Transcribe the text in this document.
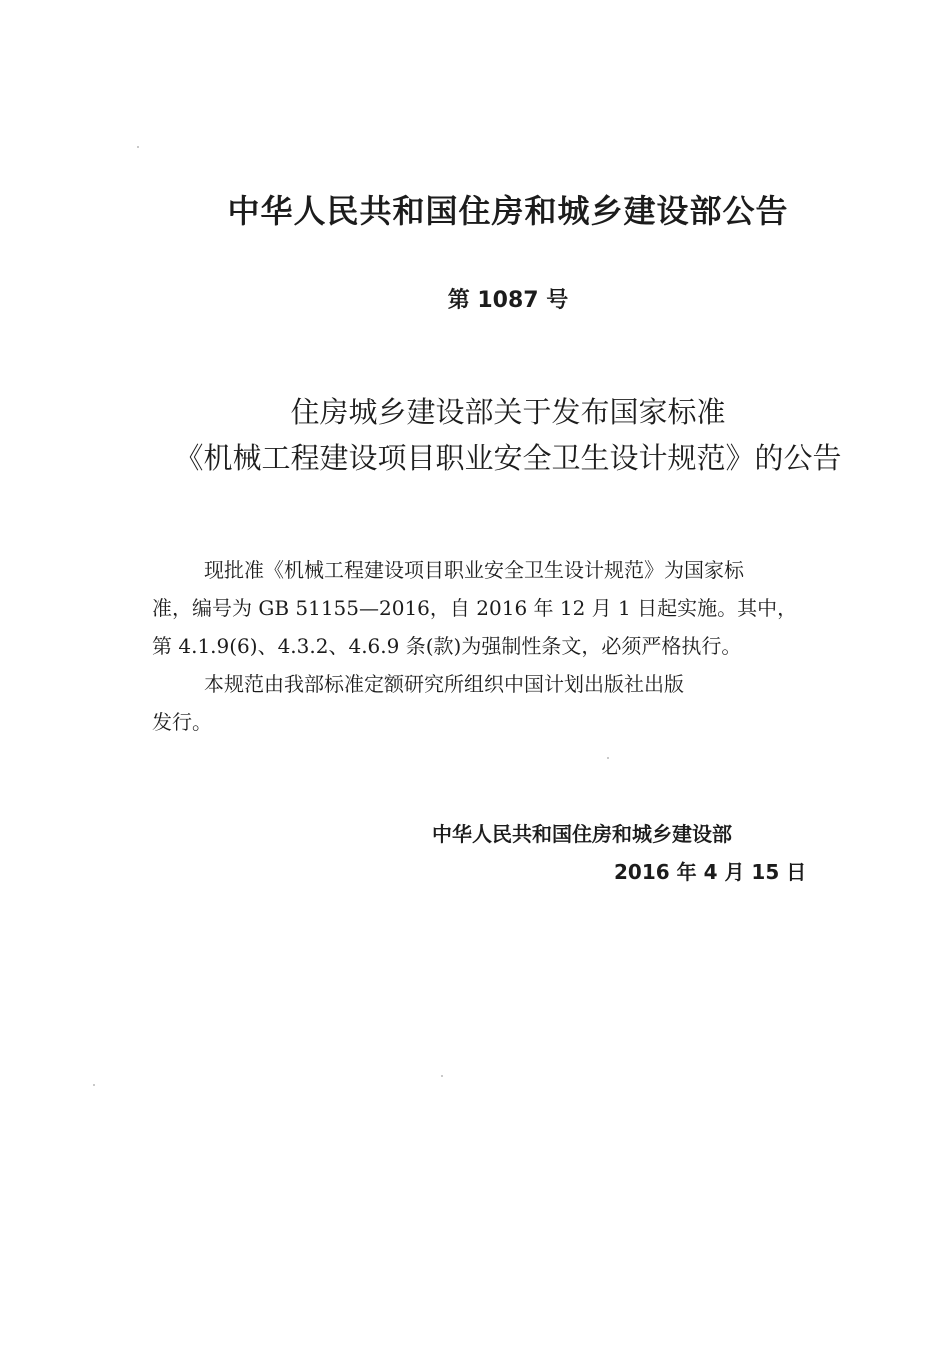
中华人民共和国住房和城乡建设部公告
第 1087 号
住房城乡建设部关于发布国家标准
《机械工程建设项目职业安全卫生设计规范》的公告
现批准《机械工程建设项目职业安全卫生设计规范》为国家标
准，编号为 GB 51155—2016，自 2016 年 12 月 1 日起实施。其中，
第 4.1.9(6)、4.3.2、4.6.9 条(款)为强制性条文，必须严格执行。
本规范由我部标准定额研究所组织中国计划出版社出版
发行。
中华人民共和国住房和城乡建设部
2016 年 4 月 15 日
